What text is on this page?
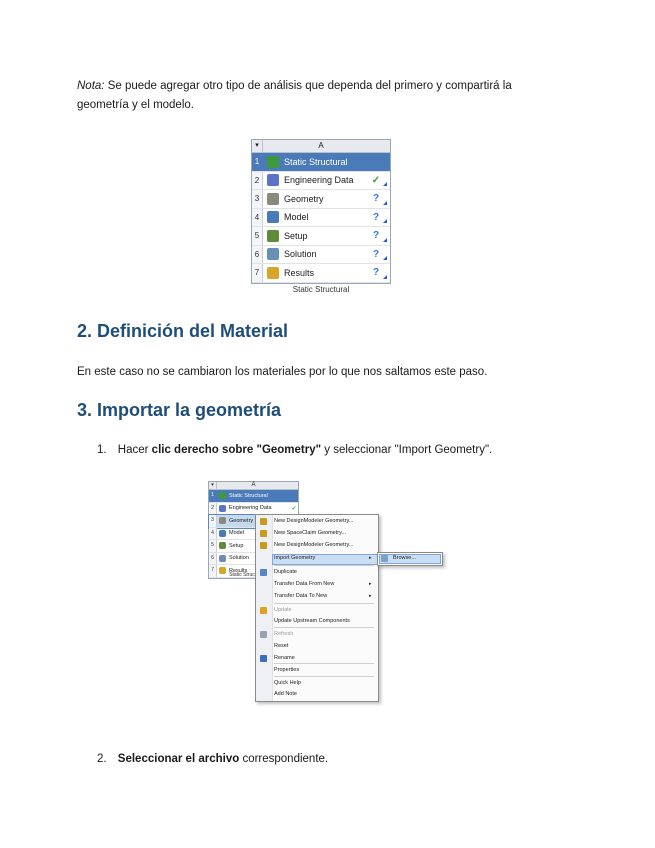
Nota: Se puede agregar otro tipo de análisis que dependa del primero y compartirá la
geometría y el modelo.
▾	A
1	Static Structural
2	Engineering Data	✓
3	Geometry	?
4	Model	?
5	Setup	?
6	Solution	?
7	Results	?
Static Structural
2. Definición del Material
En este caso no se cambiaron los materiales por lo que nos saltamos este paso.
3. Importar la geometría
1. Hacer clic derecho sobre "Geometry" y seleccionar "Import Geometry".
▾	A
1	Static Structural
2	Engineering Data	✓
3	Geometry
4	Model
5	Setup
6	Solution
7	Results
Static Struc
New DesignModeler Geometry...
New SpaceClaim Geometry...
New DesignModeler Geometry...
Import Geometry	▸
Duplicate
Transfer Data From New	▸
Transfer Data To New	▸
Update
Update Upstream Components
Refresh
Reset
Rename
Properties
Quick Help
Add Note
Browse...
2. Seleccionar el archivo correspondiente.
